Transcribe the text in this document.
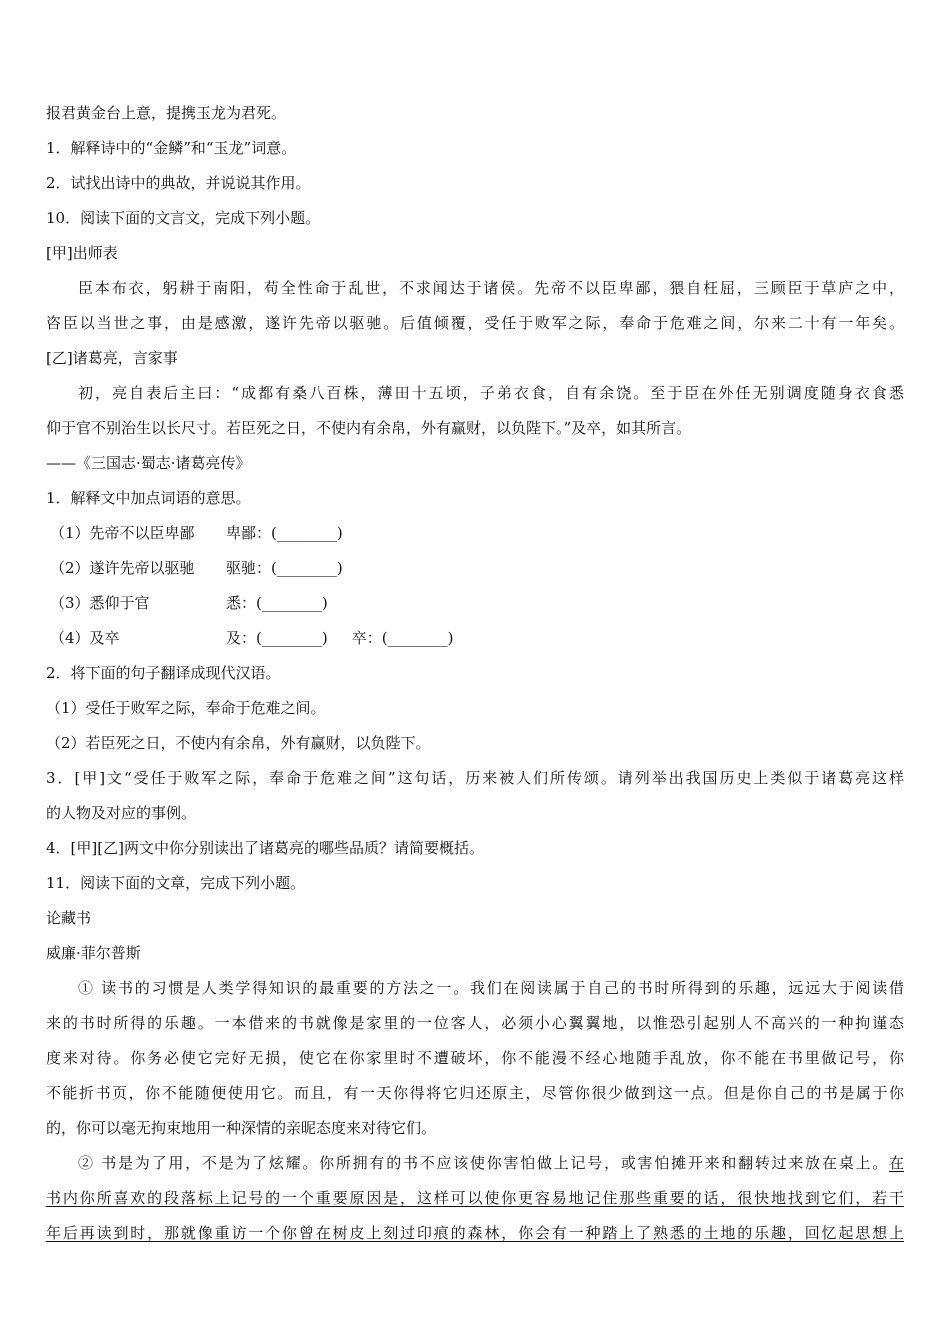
报君黄金台上意，提携玉龙为君死。
1．解释诗中的“金鳞”和“玉龙”词意。
2．试找出诗中的典故，并说说其作用。
10．阅读下面的文言文，完成下列小题。
[甲]出师表
臣本布衣，躬耕于南阳，苟全性命于乱世，不求闻达于诸侯。先帝不以臣卑鄙，猥自枉屈，三顾臣于草庐之中，
咨臣以当世之事，由是感激，遂许先帝以驱驰。后值倾覆，受任于败军之际，奉命于危难之间，尔来二十有一年矣。
[乙]诸葛亮，言家事
初，亮自表后主曰：“成都有桑八百株，薄田十五顷，子弟衣食，自有余饶。至于臣在外任无别调度随身衣食悉
仰于官不别治生以长尺寸。若臣死之日，不使内有余帛，外有赢财，以负陛下。”及卒，如其所言。
——《三国志·蜀志·诸葛亮传》
1．解释文中加点词语的意思。
（1）先帝不以臣卑鄙	卑鄙：(________)
（2）遂许先帝以驱驰	驱驰：(________)
（3）悉仰于官	悉：(________)
（4）及卒	及：(________) 卒：(________)
2．将下面的句子翻译成现代汉语。
（1）受任于败军之际，奉命于危难之间。
（2）若臣死之日，不使内有余帛，外有赢财，以负陛下。
3．[甲]文“受任于败军之际，奉命于危难之间”这句话，历来被人们所传颂。请列举出我国历史上类似于诸葛亮这样
的人物及对应的事例。
4．[甲][乙]两文中你分别读出了诸葛亮的哪些品质？请简要概括。
11．阅读下面的文章，完成下列小题。
论藏书
威廉·菲尔普斯
① 读书的习惯是人类学得知识的最重要的方法之一。我们在阅读属于自己的书时所得到的乐趣，远远大于阅读借
来的书时所得的乐趣。一本借来的书就像是家里的一位客人，必须小心翼翼地，以惟恐引起别人不高兴的一种拘谨态
度来对待。你务必使它完好无损，使它在你家里时不遭破坏，你不能漫不经心地随手乱放，你不能在书里做记号，你
不能折书页，你不能随便使用它。而且，有一天你得将它归还原主，尽管你很少做到这一点。但是你自己的书是属于你
的，你可以毫无拘束地用一种深情的亲昵态度来对待它们。
② 书是为了用，不是为了炫耀。你所拥有的书不应该使你害怕做上记号，或害怕摊开来和翻转过来放在桌上。在
书内你所喜欢的段落标上记号的一个重要原因是，这样可以使你更容易地记住那些重要的话，很快地找到它们，若干
年后再读到时，那就像重访一个你曾在树皮上刻过印痕的森林，你会有一种踏上了熟悉的土地的乐趣，回忆起思想上
